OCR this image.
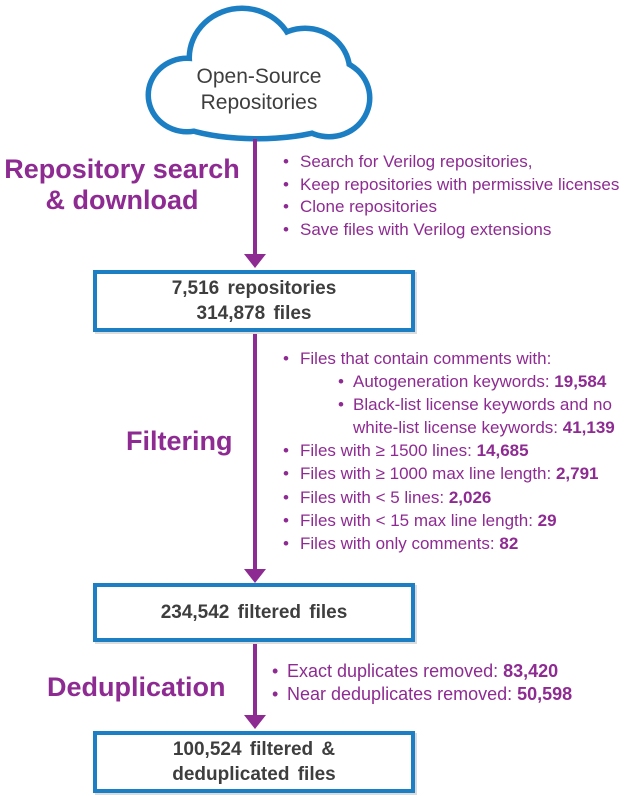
Open-Source
Repositories
Repository search
& download
• Search for Verilog repositories,
• Keep repositories with permissive licenses
• Clone repositories
• Save files with Verilog extensions
7,516 repositories
314,878 files
Filtering
• Files that contain comments with:
• Autogeneration keywords: 19,584
• Black-list license keywords and no white-list license keywords: 41,139
• Files with ≥ 1500 lines: 14,685
• Files with ≥ 1000 max line length: 2,791
• Files with < 5 lines: 2,026
• Files with < 15 max line length: 29
• Files with only comments: 82
234,542 filtered files
Deduplication
• Exact duplicates removed: 83,420
• Near deduplicates removed: 50,598
100,524 filtered &
deduplicated files
